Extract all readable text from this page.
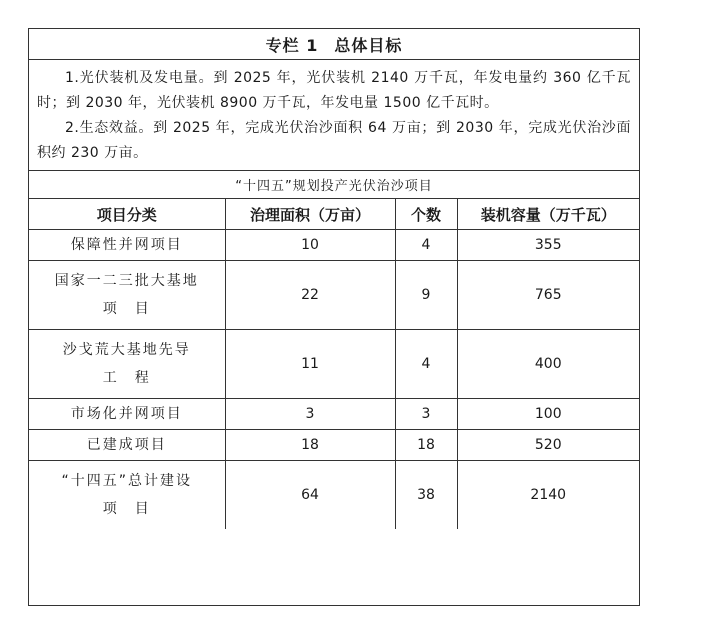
专栏 1 总体目标

1.光伏装机及发电量。到 2025 年，光伏装机 2140 万千瓦，年发电量约 360 亿千瓦时；到 2030 年，光伏装机 8900 万千瓦，年发电量 1500 亿千瓦时。

2.生态效益。到 2025 年，完成光伏治沙面积 64 万亩；到 2030 年，完成光伏治沙面积约 230 万亩。

“十四五”规划投产光伏治沙项目
项目分类	治理面积（万亩）	个数	装机容量（万千瓦）
保障性并网项目	10	4	355

国家一二三批大基地
项　目	22	9	765

沙戈荒大基地先导
工　程	11	4	400
市场化并网项目	3	3	100
已建成项目	18	18	520

“十四五”总计建设
项　目	64	38	2140
